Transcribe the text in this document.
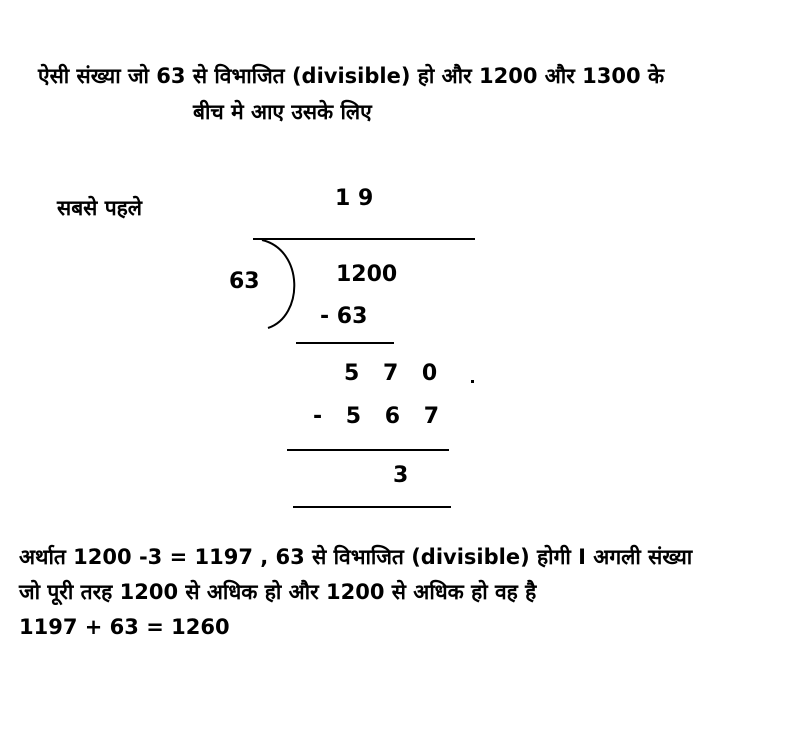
ऐसी संख्या जो 63 से विभाजित (divisible) हो और 1200 और 1300 के
बीच मे आए उसके लिए
सबसे पहले	1 9
63	1200
- 63
5 7 0
- 5 6 7
3
अर्थात 1200 -3 = 1197 , 63 से विभाजित (divisible) होगी I अगली संख्या
जो पूरी तरह 1200 से अधिक हो और 1200 से अधिक हो वह है
1197 + 63 = 1260
